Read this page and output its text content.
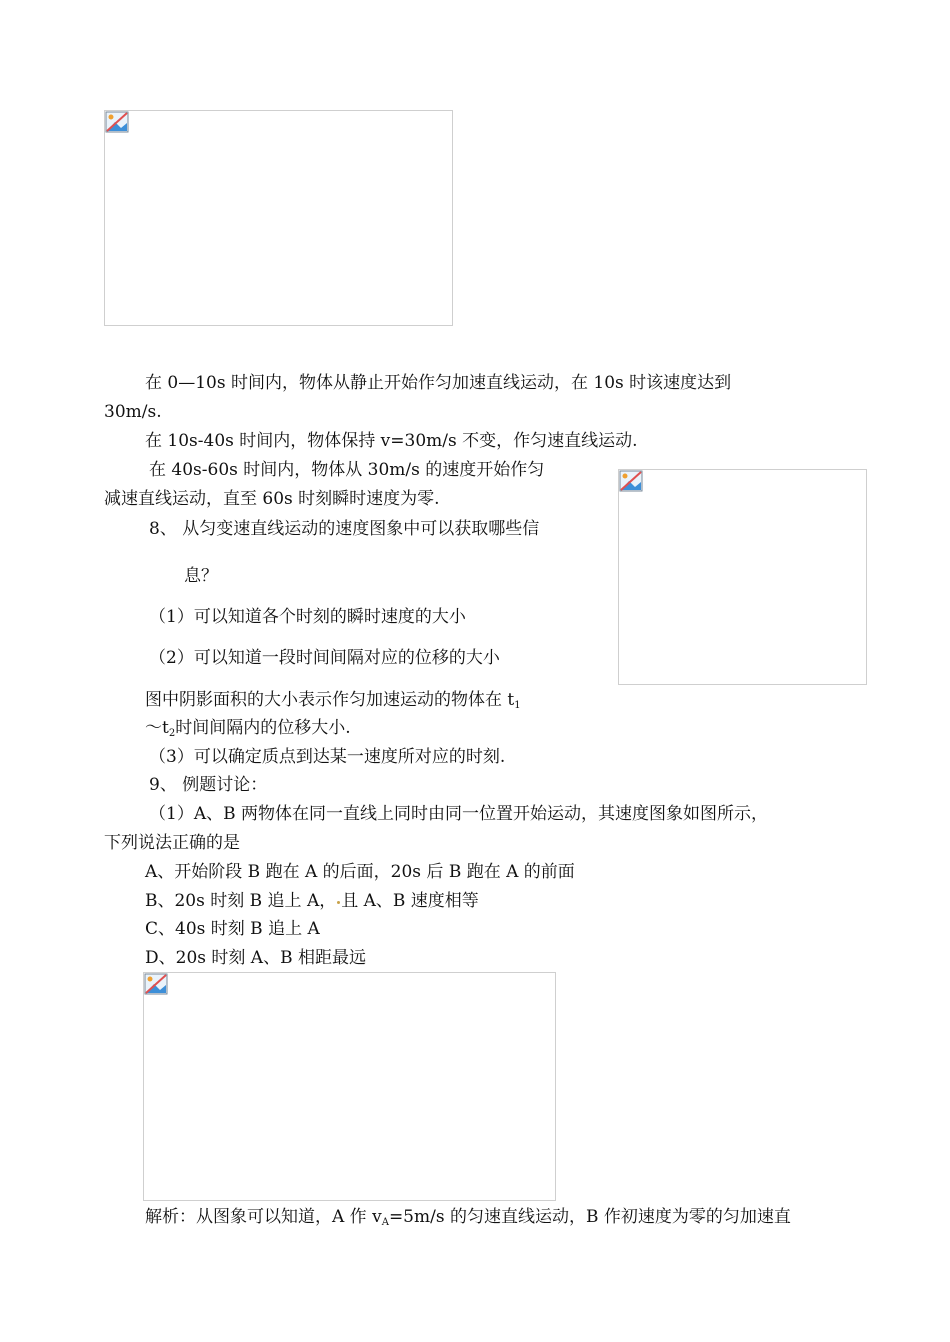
在 0—10s 时间内，物体从静止开始作匀加速直线运动，在 10s 时该速度达到
30m/s.
在 10s-40s 时间内，物体保持 v=30m/s 不变，作匀速直线运动.
在 40s-60s 时间内，物体从 30m/s 的速度开始作匀
减速直线运动，直至 60s 时刻瞬时速度为零.
8、 从匀变速直线运动的速度图象中可以获取哪些信
息？
（1）可以知道各个时刻的瞬时速度的大小
（2）可以知道一段时间间隔对应的位移的大小
图中阴影面积的大小表示作匀加速运动的物体在 $t_1$
$\sim t_2$时间间隔内的位移大小.
（3）可以确定质点到达某一速度所对应的时刻.
9、 例题讨论：
（1）A、B 两物体在同一直线上同时由同一位置开始运动，其速度图象如图所示，
下列说法正确的是
A、开始阶段 B 跑在 A 的后面，20s 后 B 跑在 A 的前面
B、20s 时刻 B 追上 A， 且 A、B 速度相等
C、40s 时刻 B 追上 A
D、20s 时刻 A、B 相距最远
解析：从图象可以知道，A 作 $v_A=5m/s$ 的匀速直线运动，B 作初速度为零的匀加速直
